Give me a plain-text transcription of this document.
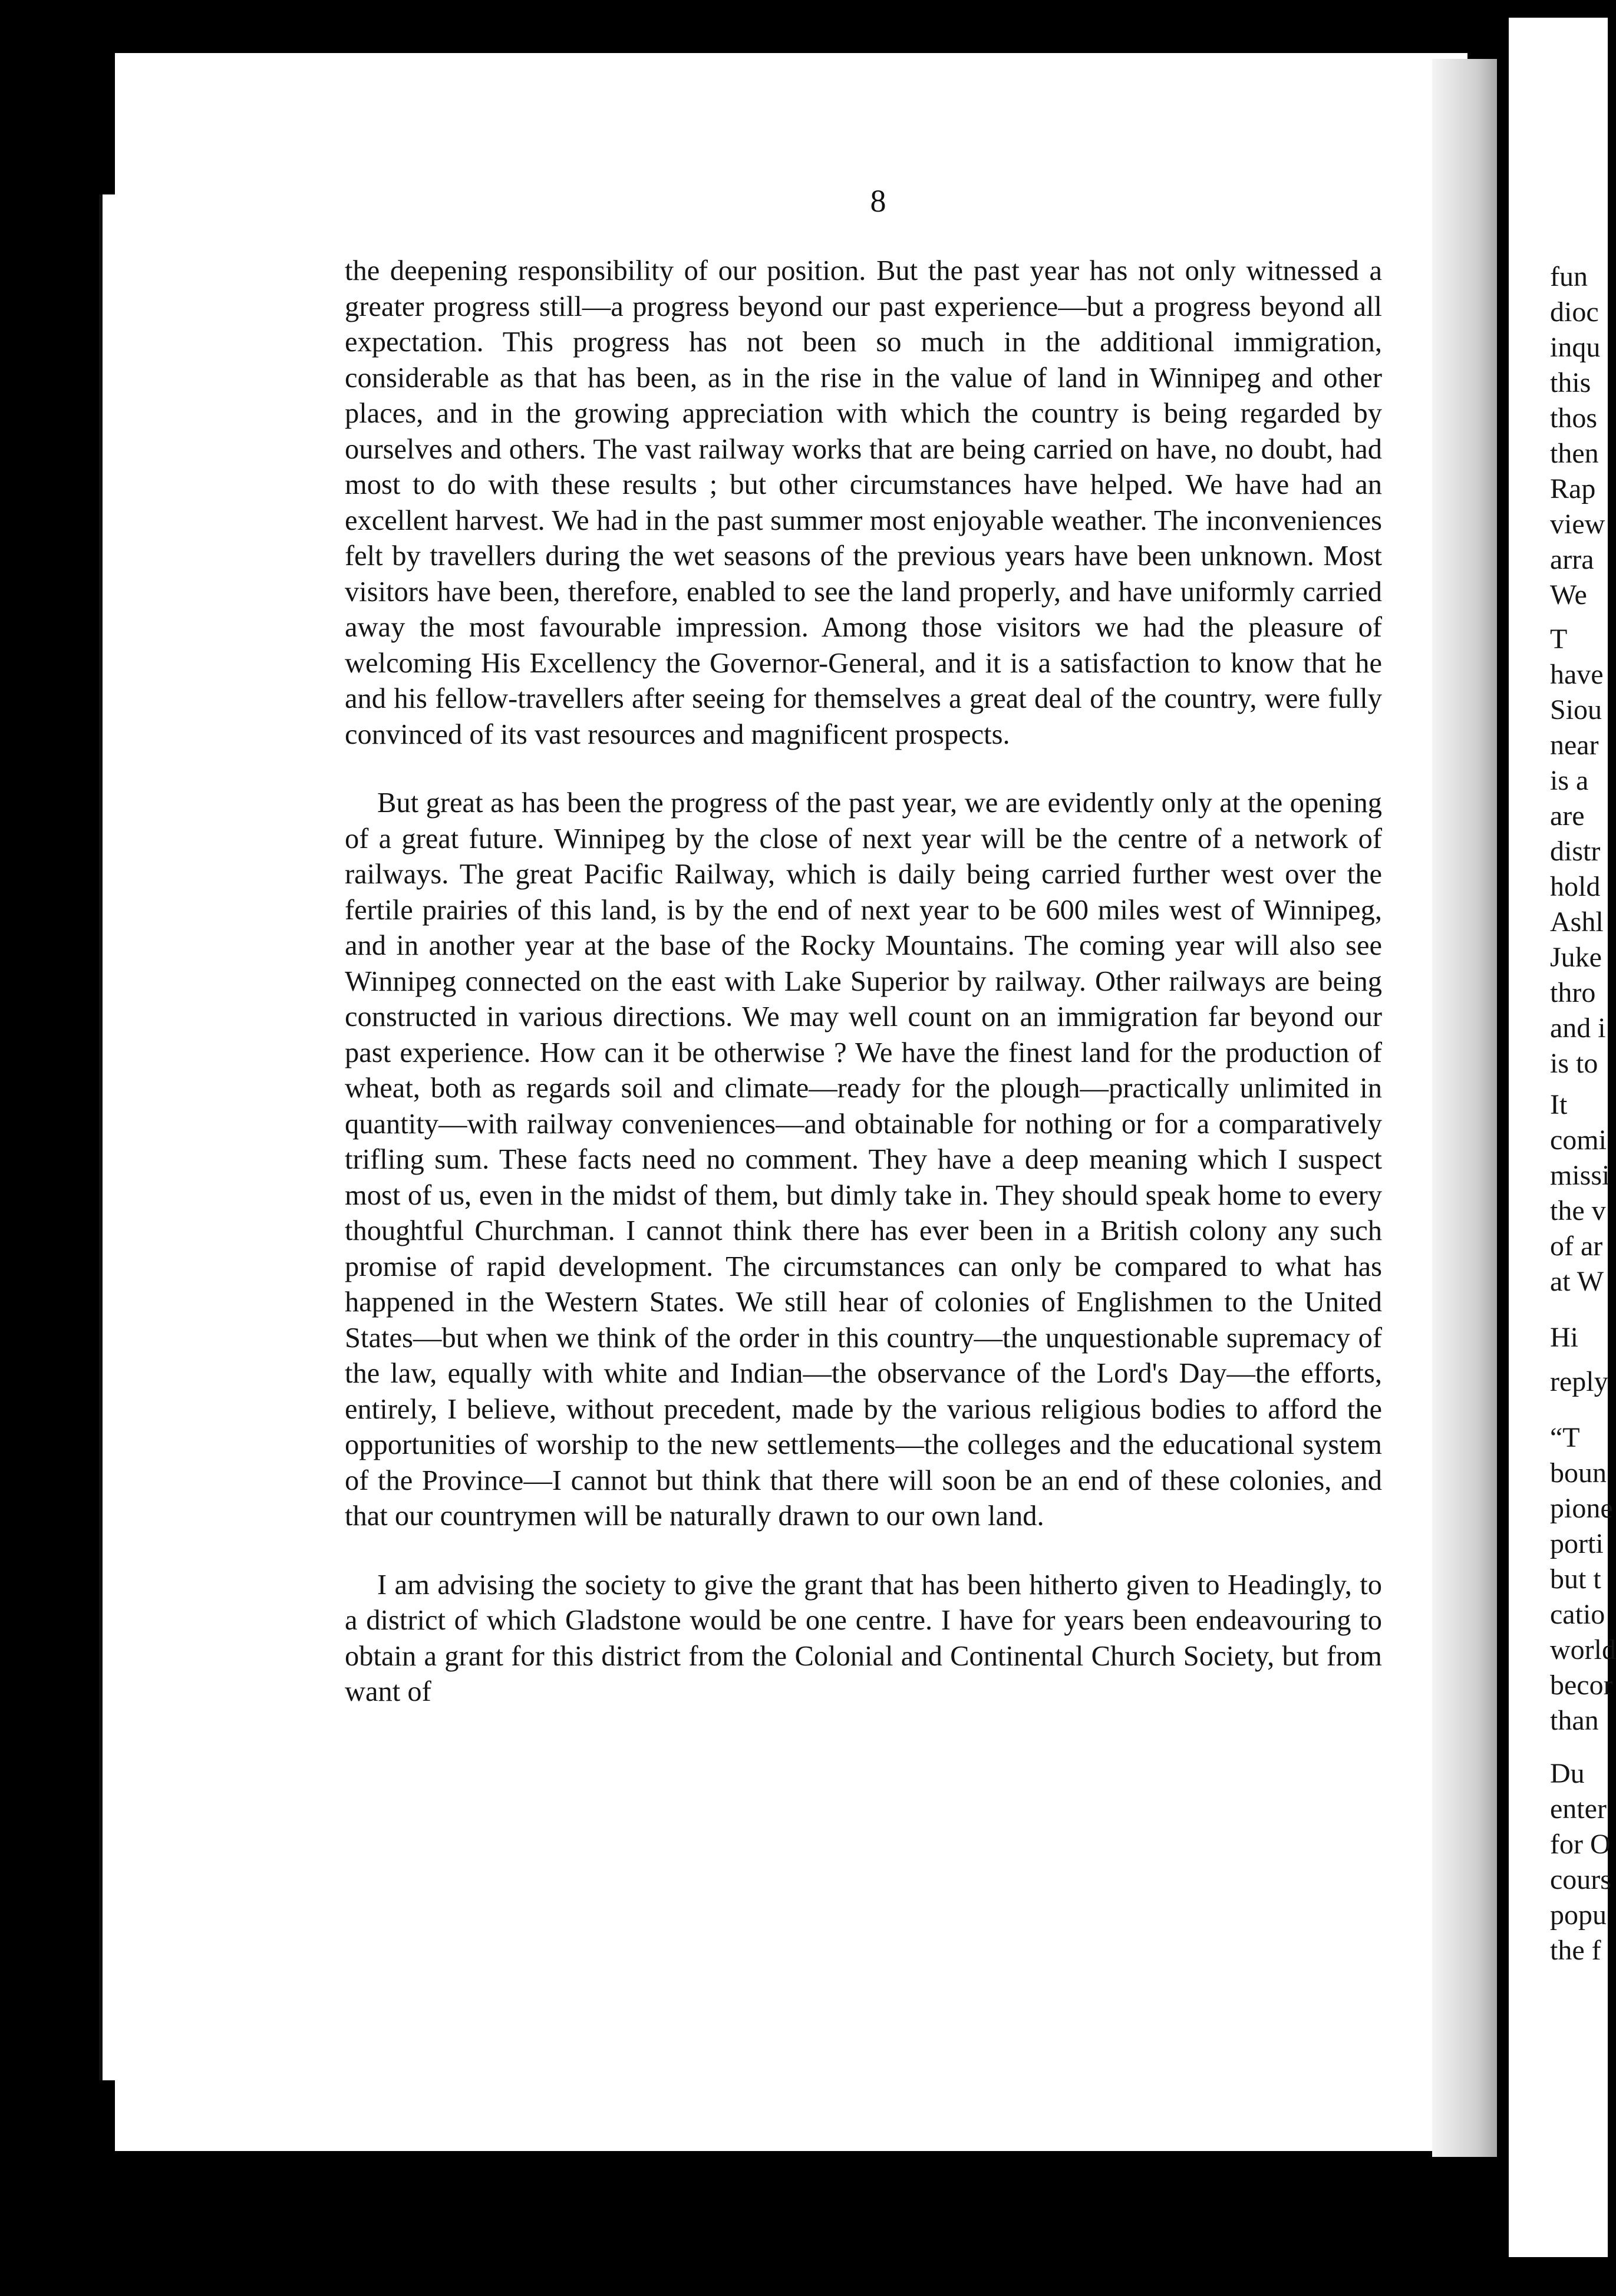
8

the deepening responsibility of our position. But the past year has not only witnessed a greater progress still—a progress beyond our past experience—but a progress beyond all expectation. This progress has not been so much in the additional immigration, considerable as that has been, as in the rise in the value of land in Winnipeg and other places, and in the growing appreciation with which the country is being regarded by ourselves and others. The vast railway works that are being carried on have, no doubt, had most to do with these results ; but other circumstances have helped. We have had an excellent harvest. We had in the past summer most enjoyable weather. The inconveniences felt by travellers during the wet seasons of the previous years have been unknown. Most visitors have been, therefore, enabled to see the land properly, and have uniformly carried away the most favourable impression. Among those visitors we had the pleasure of welcoming His Excellency the Governor-General, and it is a satisfaction to know that he and his fellow-travellers after seeing for themselves a great deal of the country, were fully convinced of its vast resources and magnificent prospects.

But great as has been the progress of the past year, we are evidently only at the opening of a great future. Winnipeg by the close of next year will be the centre of a network of railways. The great Pacific Railway, which is daily being carried further west over the fertile prairies of this land, is by the end of next year to be 600 miles west of Winnipeg, and in another year at the base of the Rocky Mountains. The coming year will also see Winnipeg connected on the east with Lake Superior by railway. Other railways are being constructed in various directions. We may well count on an immigration far beyond our past experience. How can it be otherwise ? We have the finest land for the production of wheat, both as regards soil and climate—ready for the plough—practically unlimited in quantity—with railway conveniences—and obtainable for nothing or for a comparatively trifling sum. These facts need no comment. They have a deep meaning which I suspect most of us, even in the midst of them, but dimly take in. They should speak home to every thoughtful Churchman. I cannot think there has ever been in a British colony any such promise of rapid development. The circumstances can only be compared to what has happened in the Western States. We still hear of colonies of Englishmen to the United States—but when we think of the order in this country—the unquestionable supremacy of the law, equally with white and Indian—the observance of the Lord's Day—the efforts, entirely, I believe, without precedent, made by the various religious bodies to afford the opportunities of worship to the new settlements—the colleges and the educational system of the Province—I cannot but think that there will soon be an end of these colonies, and that our countrymen will be naturally drawn to our own land.

I am advising the society to give the grant that has been hitherto given to Headingly, to a district of which Gladstone would be one centre. I have for years been endeavouring to obtain a grant for this district from the Colonial and Continental Church Society, but from want of

fun
dioc
inqu
this
thos
then
Rap
view
arra
We
T
have
Siou
near
is a
are
distr
hold
Ashl
Juke
thro
and i
is to
It
comi
missi
the v
of ar
at W
Hi
reply
“T
boun
pione
porti
but t
catio
world
becor
than
Du
enter
for O
cours
popu
the f
